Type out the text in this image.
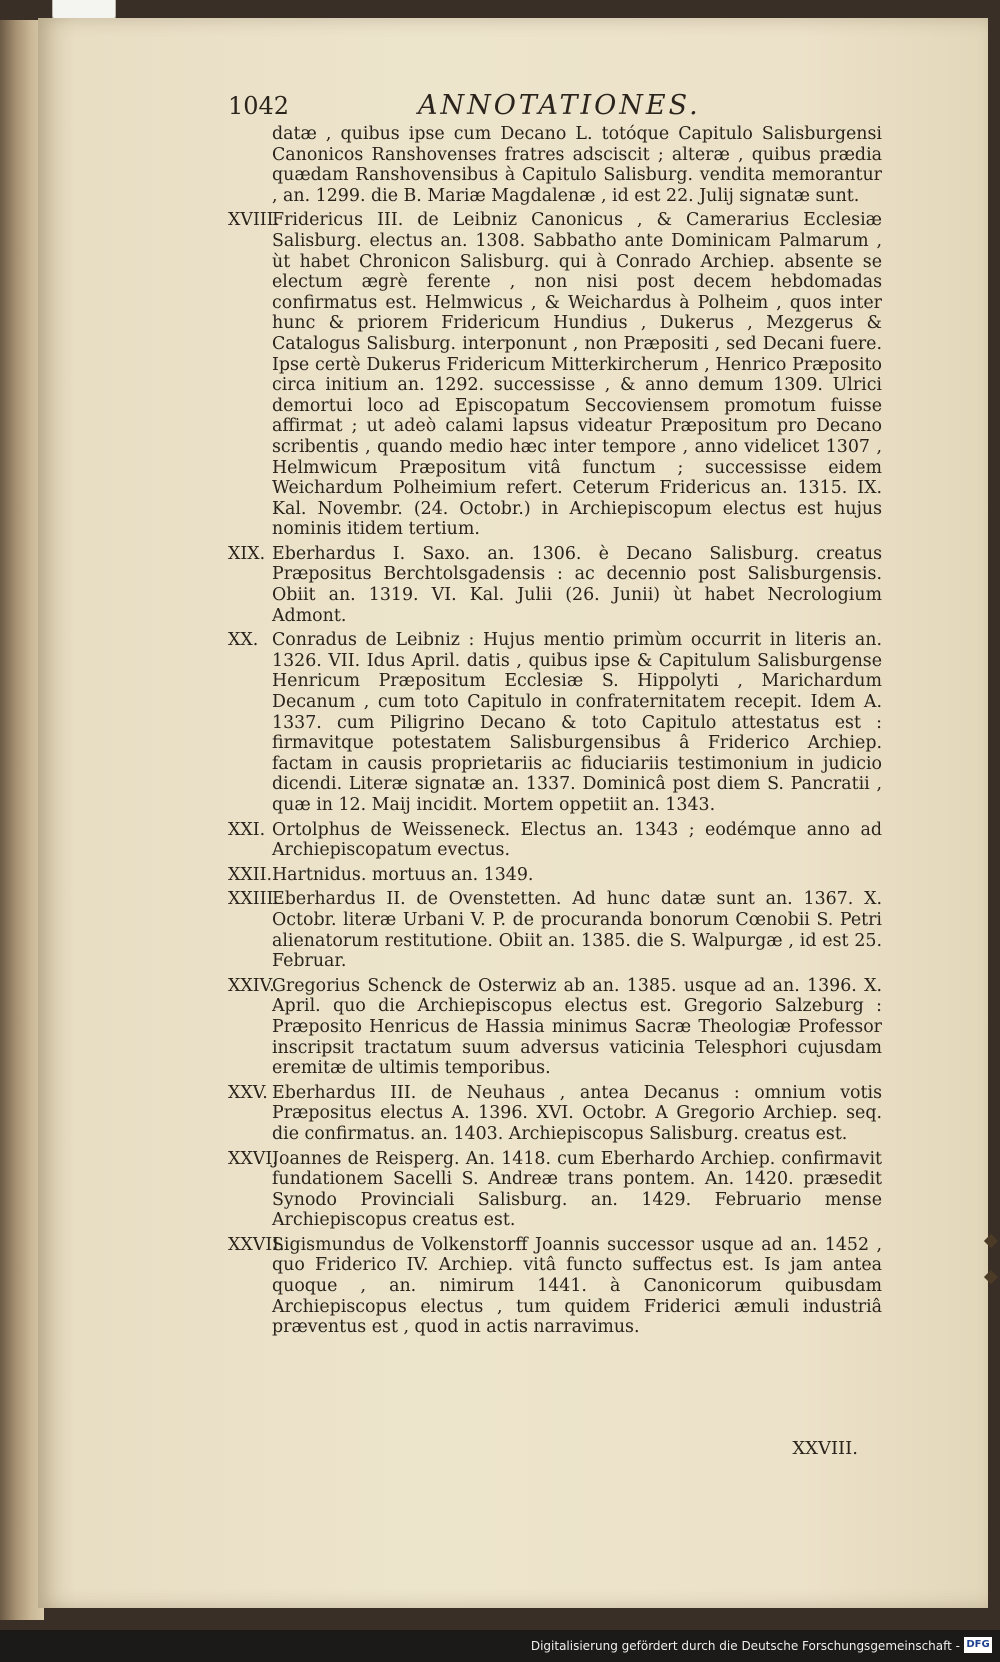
1042	ANNOTATIONES.
datæ , quibus ipse cum Decano L. totóque Capitulo Salisburgensi Canonicos Ranshovenses fratres adsciscit ; alteræ , quibus prædia quædam Ranshovensibus à Capitulo Salisburg. vendita memorantur , an. 1299. die B. Mariæ Magdalenæ , id est 22. Julij signatæ sunt.
XVIII.
Fridericus III. de Leibniz Canonicus , & Camerarius Ecclesiæ Salisburg. electus an. 1308. Sabbatho ante Dominicam Palmarum , ùt habet Chronicon Salisburg. qui à Conrado Archiep. absente se electum ægrè ferente , non nisi post decem hebdomadas confirmatus est. Helmwicus , & Weichardus à Polheim , quos inter hunc & priorem Fridericum Hundius , Dukerus , Mezgerus & Catalogus Salisburg. interponunt , non Præpositi , sed Decani fuere. Ipse certè Dukerus Fridericum Mitterkircherum , Henrico Præposito circa initium an. 1292. successisse , & anno demum 1309. Ulrici demortui loco ad Episcopatum Seccoviensem promotum fuisse affirmat ; ut adeò calami lapsus videatur Præpositum pro Decano scribentis , quando medio hæc inter tempore , anno videlicet 1307 , Helmwicum Præpositum vitâ functum ; successisse eidem Weichardum Polheimium refert. Ceterum Fridericus an. 1315. IX. Kal. Novembr. (24. Octobr.) in Archiepiscopum electus est hujus nominis itidem tertium.
XIX. Eberhardus I. Saxo. an. 1306. è Decano Salisburg. creatus Præpositus Berchtolsgadensis : ac decennio post Salisburgensis. Obiit an. 1319. VI. Kal. Julii (26. Junii) ùt habet Necrologium Admont.
XX. Conradus de Leibniz : Hujus mentio primùm occurrit in literis an. 1326. VII. Idus April. datis , quibus ipse & Capitulum Salisburgense Henricum Præpositum Ecclesiæ S. Hippolyti , Marichardum Decanum , cum toto Capitulo in confraternitatem recepit. Idem A. 1337. cum Piligrino Decano & toto Capitulo attestatus est : firmavitque potestatem Salisburgensibus â Friderico Archiep. factam in causis proprietariis ac fiduciariis testimonium in judicio dicendi. Literæ signatæ an. 1337. Dominicâ post diem S. Pancratii , quæ in 12. Maij incidit. Mortem oppetiit an. 1343.
XXI. Ortolphus de Weisseneck. Electus an. 1343 ; eodémque anno ad Archiepiscopatum evectus.
XXII. Hartnidus. mortuus an. 1349.
XXIII.
Eberhardus II. de Ovenstetten. Ad hunc datæ sunt an. 1367. X. Octobr. literæ Urbani V. P. de procuranda bonorum Cœnobii S. Petri alienatorum restitutione. Obiit an. 1385. die S. Walpurgæ , id est 25. Februar.
XXIV.
Gregorius Schenck de Osterwiz ab an. 1385. usque ad an. 1396. X. April. quo die Archiepiscopus electus est. Gregorio Salzeburg : Præposito Henricus de Hassia minimus Sacræ Theologiæ Professor inscripsit tractatum suum adversus vaticinia Telesphori cujusdam eremitæ de ultimis temporibus.
XXV. Eberhardus III. de Neuhaus , antea Decanus : omnium votis Præpositus electus A. 1396. XVI. Octobr. A Gregorio Archiep. seq. die confirmatus. an. 1403. Archiepiscopus Salisburg. creatus est.
XXVI.
Joannes de Reisperg. An. 1418. cum Eberhardo Archiep. confirmavit fundationem Sacelli S. Andreæ trans pontem. An. 1420. præsedit Synodo Provinciali Salisburg. an. 1429. Februario mense Archiepiscopus creatus est.
XXVII.
Sigismundus de Volkenstorff Joannis successor usque ad an. 1452 , quo Friderico IV. Archiep. vitâ functo suffectus est. Is jam antea quoque , an. nimirum 1441. à Canonicorum quibusdam Archiepiscopus electus , tum quidem Friderici æmuli industriâ præventus est , quod in actis narravimus.
XXVIII.
Digitalisierung gefördert durch die Deutsche Forschungsgemeinschaft - DFG
